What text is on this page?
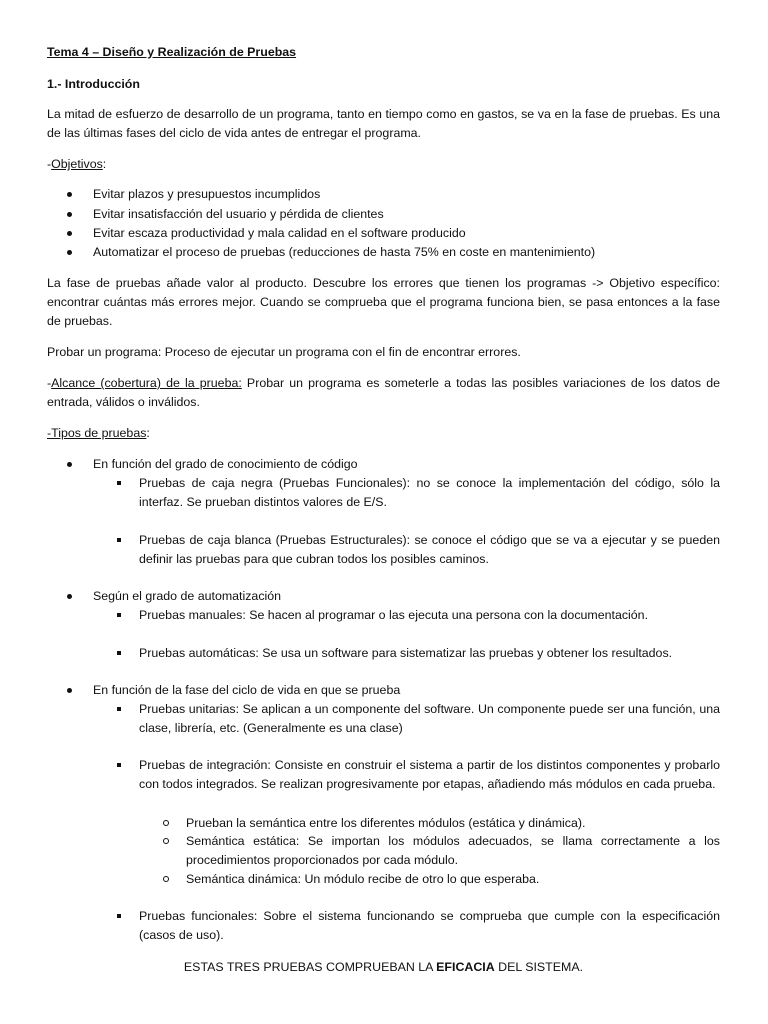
Tema 4 – Diseño y Realización de Pruebas
1.- Introducción

La mitad de esfuerzo de desarrollo de un programa, tanto en tiempo como en gastos, se va en la fase de pruebas. Es una de las últimas fases del ciclo de vida antes de entregar el programa.

-Objetivos:
Evitar plazos y presupuestos incumplidos
Evitar insatisfacción del usuario y pérdida de clientes
Evitar escaza productividad y mala calidad en el software producido
Automatizar el proceso de pruebas (reducciones de hasta 75% en coste en mantenimiento)

La fase de pruebas añade valor al producto. Descubre los errores que tienen los programas -> Objetivo específico: encontrar cuántas más errores mejor. Cuando se comprueba que el programa funciona bien, se pasa entonces a la fase de pruebas.

Probar un programa: Proceso de ejecutar un programa con el fin de encontrar errores.

-Alcance (cobertura) de la prueba: Probar un programa es someterle a todas las posibles variaciones de los datos de entrada, válidos o inválidos.

-Tipos de pruebas:
En función del grado de conocimiento de código
Pruebas de caja negra (Pruebas Funcionales): no se conoce la implementación del código, sólo la interfaz. Se prueban distintos valores de E/S.
Pruebas de caja blanca (Pruebas Estructurales): se conoce el código que se va a ejecutar y se pueden definir las pruebas para que cubran todos los posibles caminos.
Según el grado de automatización
Pruebas manuales: Se hacen al programar o las ejecuta una persona con la documentación.
Pruebas automáticas: Se usa un software para sistematizar las pruebas y obtener los resultados.
En función de la fase del ciclo de vida en que se prueba
Pruebas unitarias: Se aplican a un componente del software. Un componente puede ser una función, una clase, librería, etc. (Generalmente es una clase)
Pruebas de integración: Consiste en construir el sistema a partir de los distintos componentes y probarlo con todos integrados. Se realizan progresivamente por etapas, añadiendo más módulos en cada prueba.
Prueban la semántica entre los diferentes módulos (estática y dinámica).
Semántica estática: Se importan los módulos adecuados, se llama correctamente a los procedimientos proporcionados por cada módulo.
Semántica dinámica: Un módulo recibe de otro lo que esperaba.
Pruebas funcionales: Sobre el sistema funcionando se comprueba que cumple con la especificación (casos de uso).
ESTAS TRES PRUEBAS COMPRUEBAN LA EFICACIA DEL SISTEMA.
